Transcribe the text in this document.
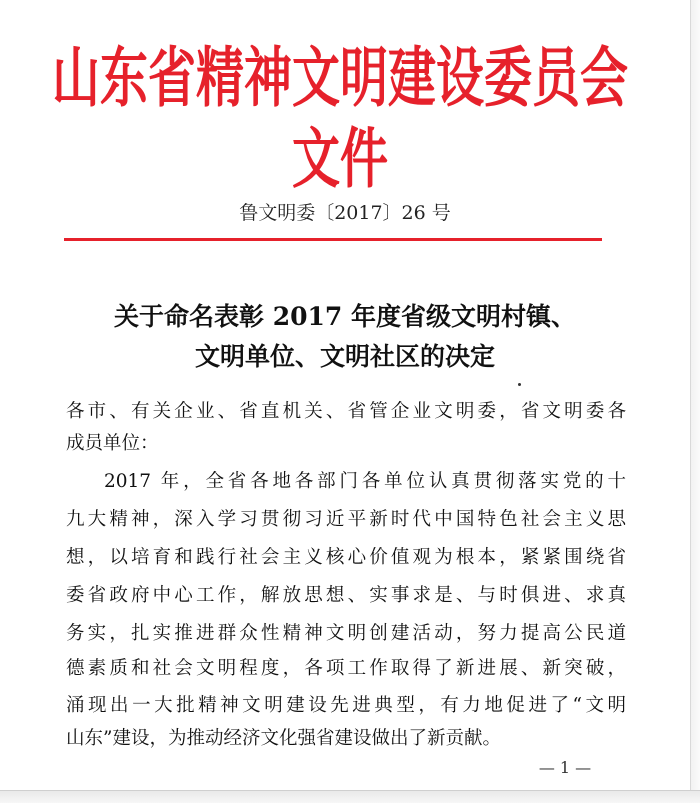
山东省精神文明建设委员会文件
鲁文明委〔2017〕26 号
关于命名表彰 2017 年度省级文明村镇、
文明单位、文明社区的决定
各市、有关企业、省直机关、省管企业文明委，省文明委各
成员单位：
2017 年，全省各地各部门各单位认真贯彻落实党的十
九大精神，深入学习贯彻习近平新时代中国特色社会主义思
想，以培育和践行社会主义核心价值观为根本，紧紧围绕省
委省政府中心工作，解放思想、实事求是、与时俱进、求真
务实，扎实推进群众性精神文明创建活动，努力提高公民道
德素质和社会文明程度，各项工作取得了新进展、新突破，
涌现出一大批精神文明建设先进典型，有力地促进了“文明
山东”建设，为推动经济文化强省建设做出了新贡献。
— 1 —
